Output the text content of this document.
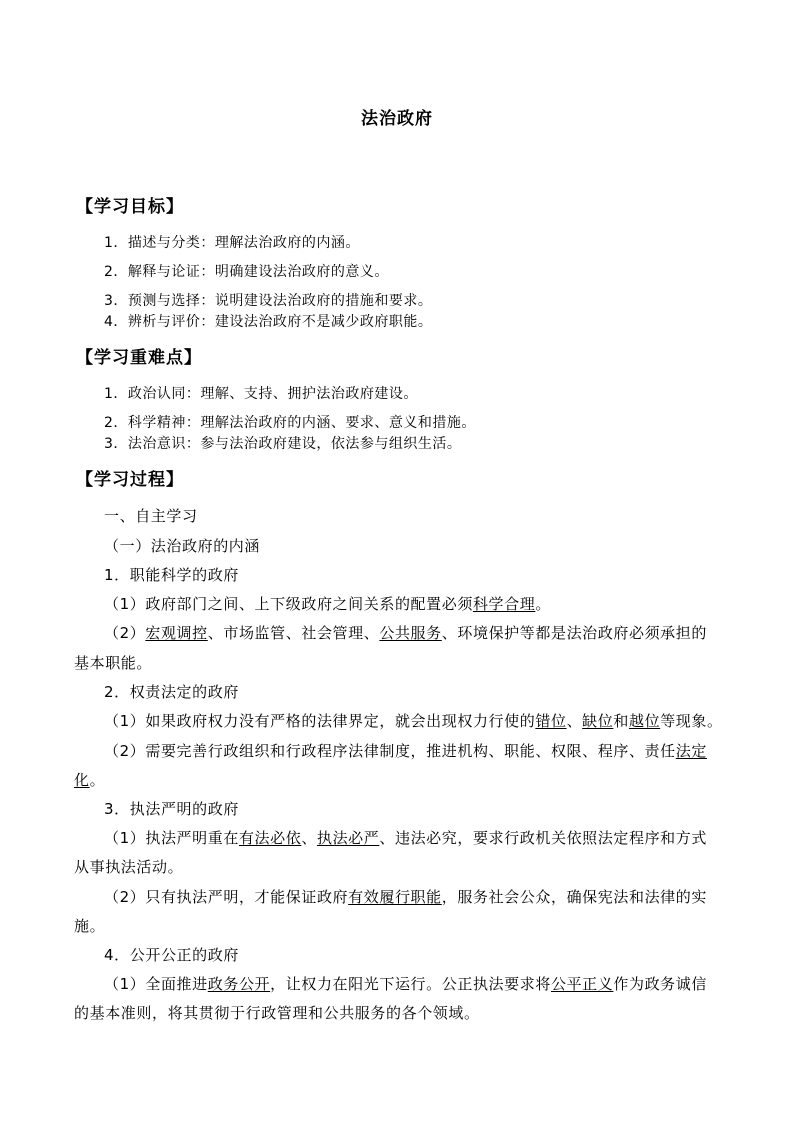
法治政府
【学习目标】
1．描述与分类：理解法治政府的内涵。
2．解释与论证：明确建设法治政府的意义。
3．预测与选择：说明建设法治政府的措施和要求。
4．辨析与评价：建设法治政府不是减少政府职能。
【学习重难点】
1．政治认同：理解、支持、拥护法治政府建设。
2．科学精神：理解法治政府的内涵、要求、意义和措施。
3．法治意识：参与法治政府建设，依法参与组织生活。
【学习过程】
一、自主学习
（一）法治政府的内涵
1．职能科学的政府
（1）政府部门之间、上下级政府之间关系的配置必须科学合理。
（2）宏观调控、市场监管、社会管理、公共服务、环境保护等都是法治政府必须承担的
基本职能。
2．权责法定的政府
（1）如果政府权力没有严格的法律界定，就会出现权力行使的错位、缺位和越位等现象。
（2）需要完善行政组织和行政程序法律制度，推进机构、职能、权限、程序、责任法定
化。
3．执法严明的政府
（1）执法严明重在有法必依、执法必严、违法必究，要求行政机关依照法定程序和方式
从事执法活动。
（2）只有执法严明，才能保证政府有效履行职能，服务社会公众，确保宪法和法律的实
施。
4．公开公正的政府
（1）全面推进政务公开，让权力在阳光下运行。公正执法要求将公平正义作为政务诚信
的基本准则，将其贯彻于行政管理和公共服务的各个领域。
